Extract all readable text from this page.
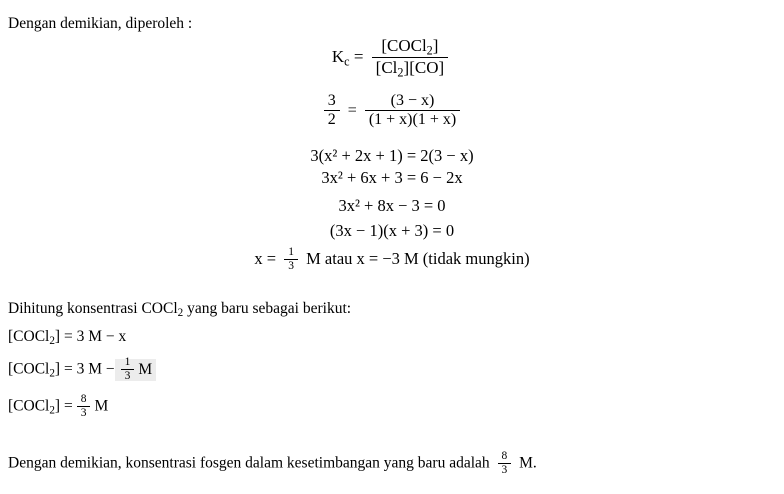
Dengan demikian, diperoleh :
$K_c = \frac{[COCl_2]}{[Cl_2][CO]}$
$\frac{3}{2} = \frac{(3 - x)}{(1 + x)(1 + x)}$
3(x² + 2x + 1) = 2(3 − x)
3x² + 6x + 3 = 6 − 2x
3x² + 8x − 3 = 0
(3x − 1)(x + 3) = 0
$x = \frac{1}{3}$ M atau x = −3 M (tidak mungkin)
Dihitung konsentrasi COCl$_2$ yang baru sebagai berikut:
[COCl$_2$] = 3 M − x
[COCl$_2$] = 3 $M - \frac{1}{3}$ M
[COCl$_2$] = $\frac{8}{3}$ M
Dengan demikian, konsentrasi fosgen dalam kesetimbangan yang baru adalah $\frac{8}{3} M$.
